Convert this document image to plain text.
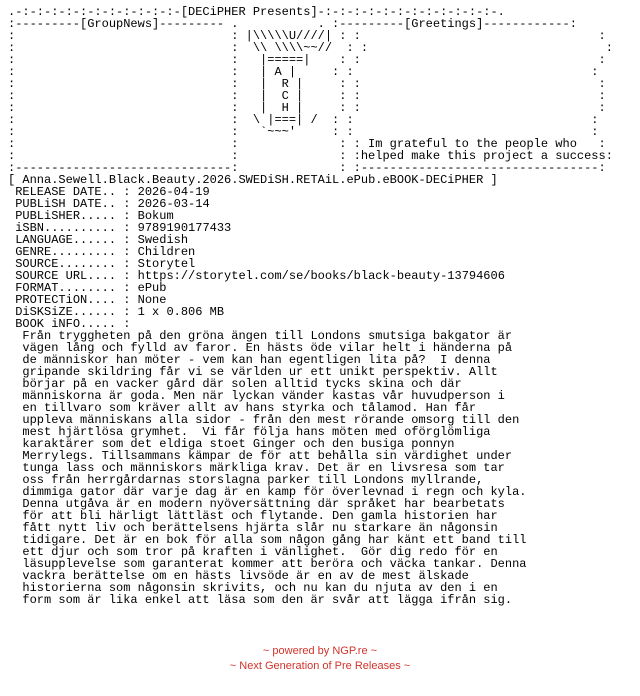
.-:-:-:-:-:-:-:-:-:-:-:-[DECiPHER Presents]-:-:-:-:-:-:-:-:-:-:-:-:-.
:---------[GroupNews]--------- .           . :---------[Greetings]------------:
:                              : |\\\\\U////| : :                                 :
:                              :  \\ \\\\~~//  : :                                 :
:                              :   |=====|    : :                                 :
:                              :   | A |     : :                                 :
:                              :   |  R |     : :                                 :
:                              :   |  C |     : :                                 :
:                              :   |  H |     : :                                 :
:                              :  \ |===| /  : :                                 :
:                              :   `~~~'     : :                                 :
:                              :              : : Im grateful to the people who   :
:                              :              : :helped make this project a success:
:------------------------------:              : :---------------------------------:
[ Anna.Sewell.Black.Beauty.2026.SWEDiSH.RETAiL.ePub.eBOOK-DECiPHER ]
RELEASE DATE.. : 2026-04-19
PUBLiSH DATE.. : 2026-03-14
PUBLiSHER..... : Bokum
iSBN.......... : 9789190177433
LANGUAGE...... : Swedish
GENRE......... : Children
SOURCE........ : Storytel
SOURCE URL.... : https://storytel.com/se/books/black-beauty-13794606
FORMAT........ : ePub
PROTECTiON.... : None
DiSKSiZE...... : 1 x 0.806 MB
BOOK iNFO..... :
Från tryggheten på den gröna ängen till Londons smutsiga bakgator är
vägen lång och fylld av faror. En hästs öde vilar helt i händerna på
de människor han möter - vem kan han egentligen lita på?  I denna
gripande skildring får vi se världen ur ett unikt perspektiv. Allt
börjar på en vacker gård där solen alltid tycks skina och där
människorna är goda. Men när lyckan vänder kastas vår huvudperson i
en tillvaro som kräver allt av hans styrka och tålamod. Han får
uppleva människans alla sidor - från den mest rörande omsorg till den
mest hjärtlösa grymhet.  Vi får följa hans möten med oförglömliga
karaktärer som det eldiga stoet Ginger och den busiga ponnyn
Merrylegs. Tillsammans kämpar de för att behålla sin värdighet under
tunga lass och människors märkliga krav. Det är en livsresa som tar
oss från herrgårdarnas storslagna parker till Londons myllrande,
dimmiga gator där varje dag är en kamp för överlevnad i regn och kyla.
Denna utgåva är en modern nyöversättning där språket har bearbetats
för att bli härligt lättläst och flytande. Den gamla historien har
fått nytt liv och berättelsens hjärta slår nu starkare än någonsin
tidigare. Det är en bok för alla som någon gång har känt ett band till
ett djur och som tror på kraften i vänlighet.  Gör dig redo för en
läsupplevelse som garanterat kommer att beröra och väcka tankar. Denna
vackra berättelse om en hästs livsöde är en av de mest älskade
historierna som någonsin skrivits, och nu kan du njuta av den i en
form som är lika enkel att läsa som den är svår att lägga ifrån sig.
~ powered by NGP.re ~
~ Next Generation of Pre Releases ~
